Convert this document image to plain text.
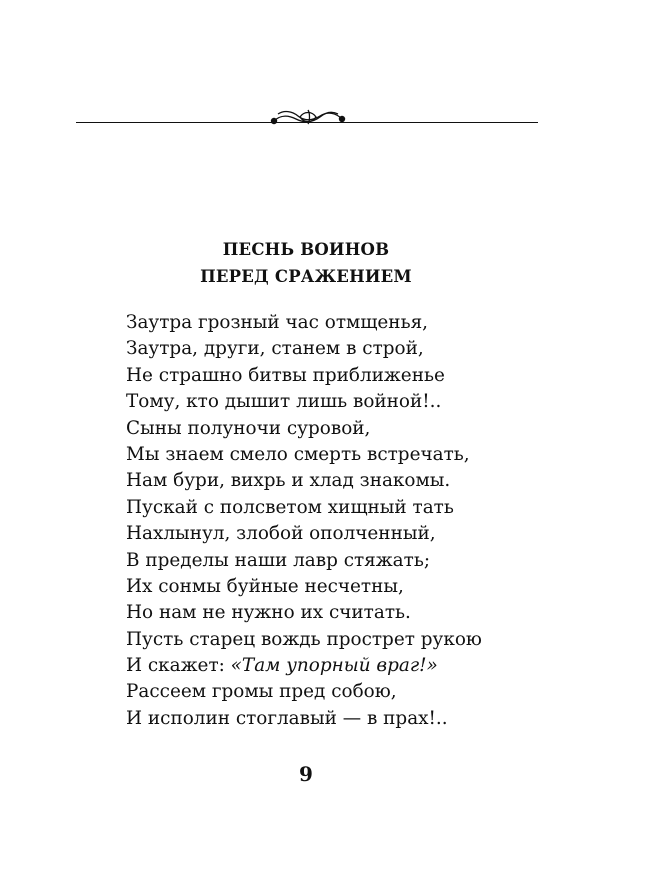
ПЕСНЬ ВОИНОВ
ПЕРЕД СРАЖЕНИЕМ
Заутра грозный час отмщенья,
Заутра, други, станем в строй,
Не страшно битвы приближенье
Тому, кто дышит лишь войной!..
Сыны полуночи суровой,
Мы знаем смело смерть встречать,
Нам бури, вихрь и хлад знакомы.
Пускай с полсветом хищный тать
Нахлынул, злобой ополченный,
В пределы наши лавр стяжать;
Их сонмы буйные несчетны,
Но нам не нужно их считать.
Пусть старец вождь прострет рукою
И скажет: «Там упорный враг!»
Рассеем громы пред собою,
И исполин стоглавый — в прах!..
9
